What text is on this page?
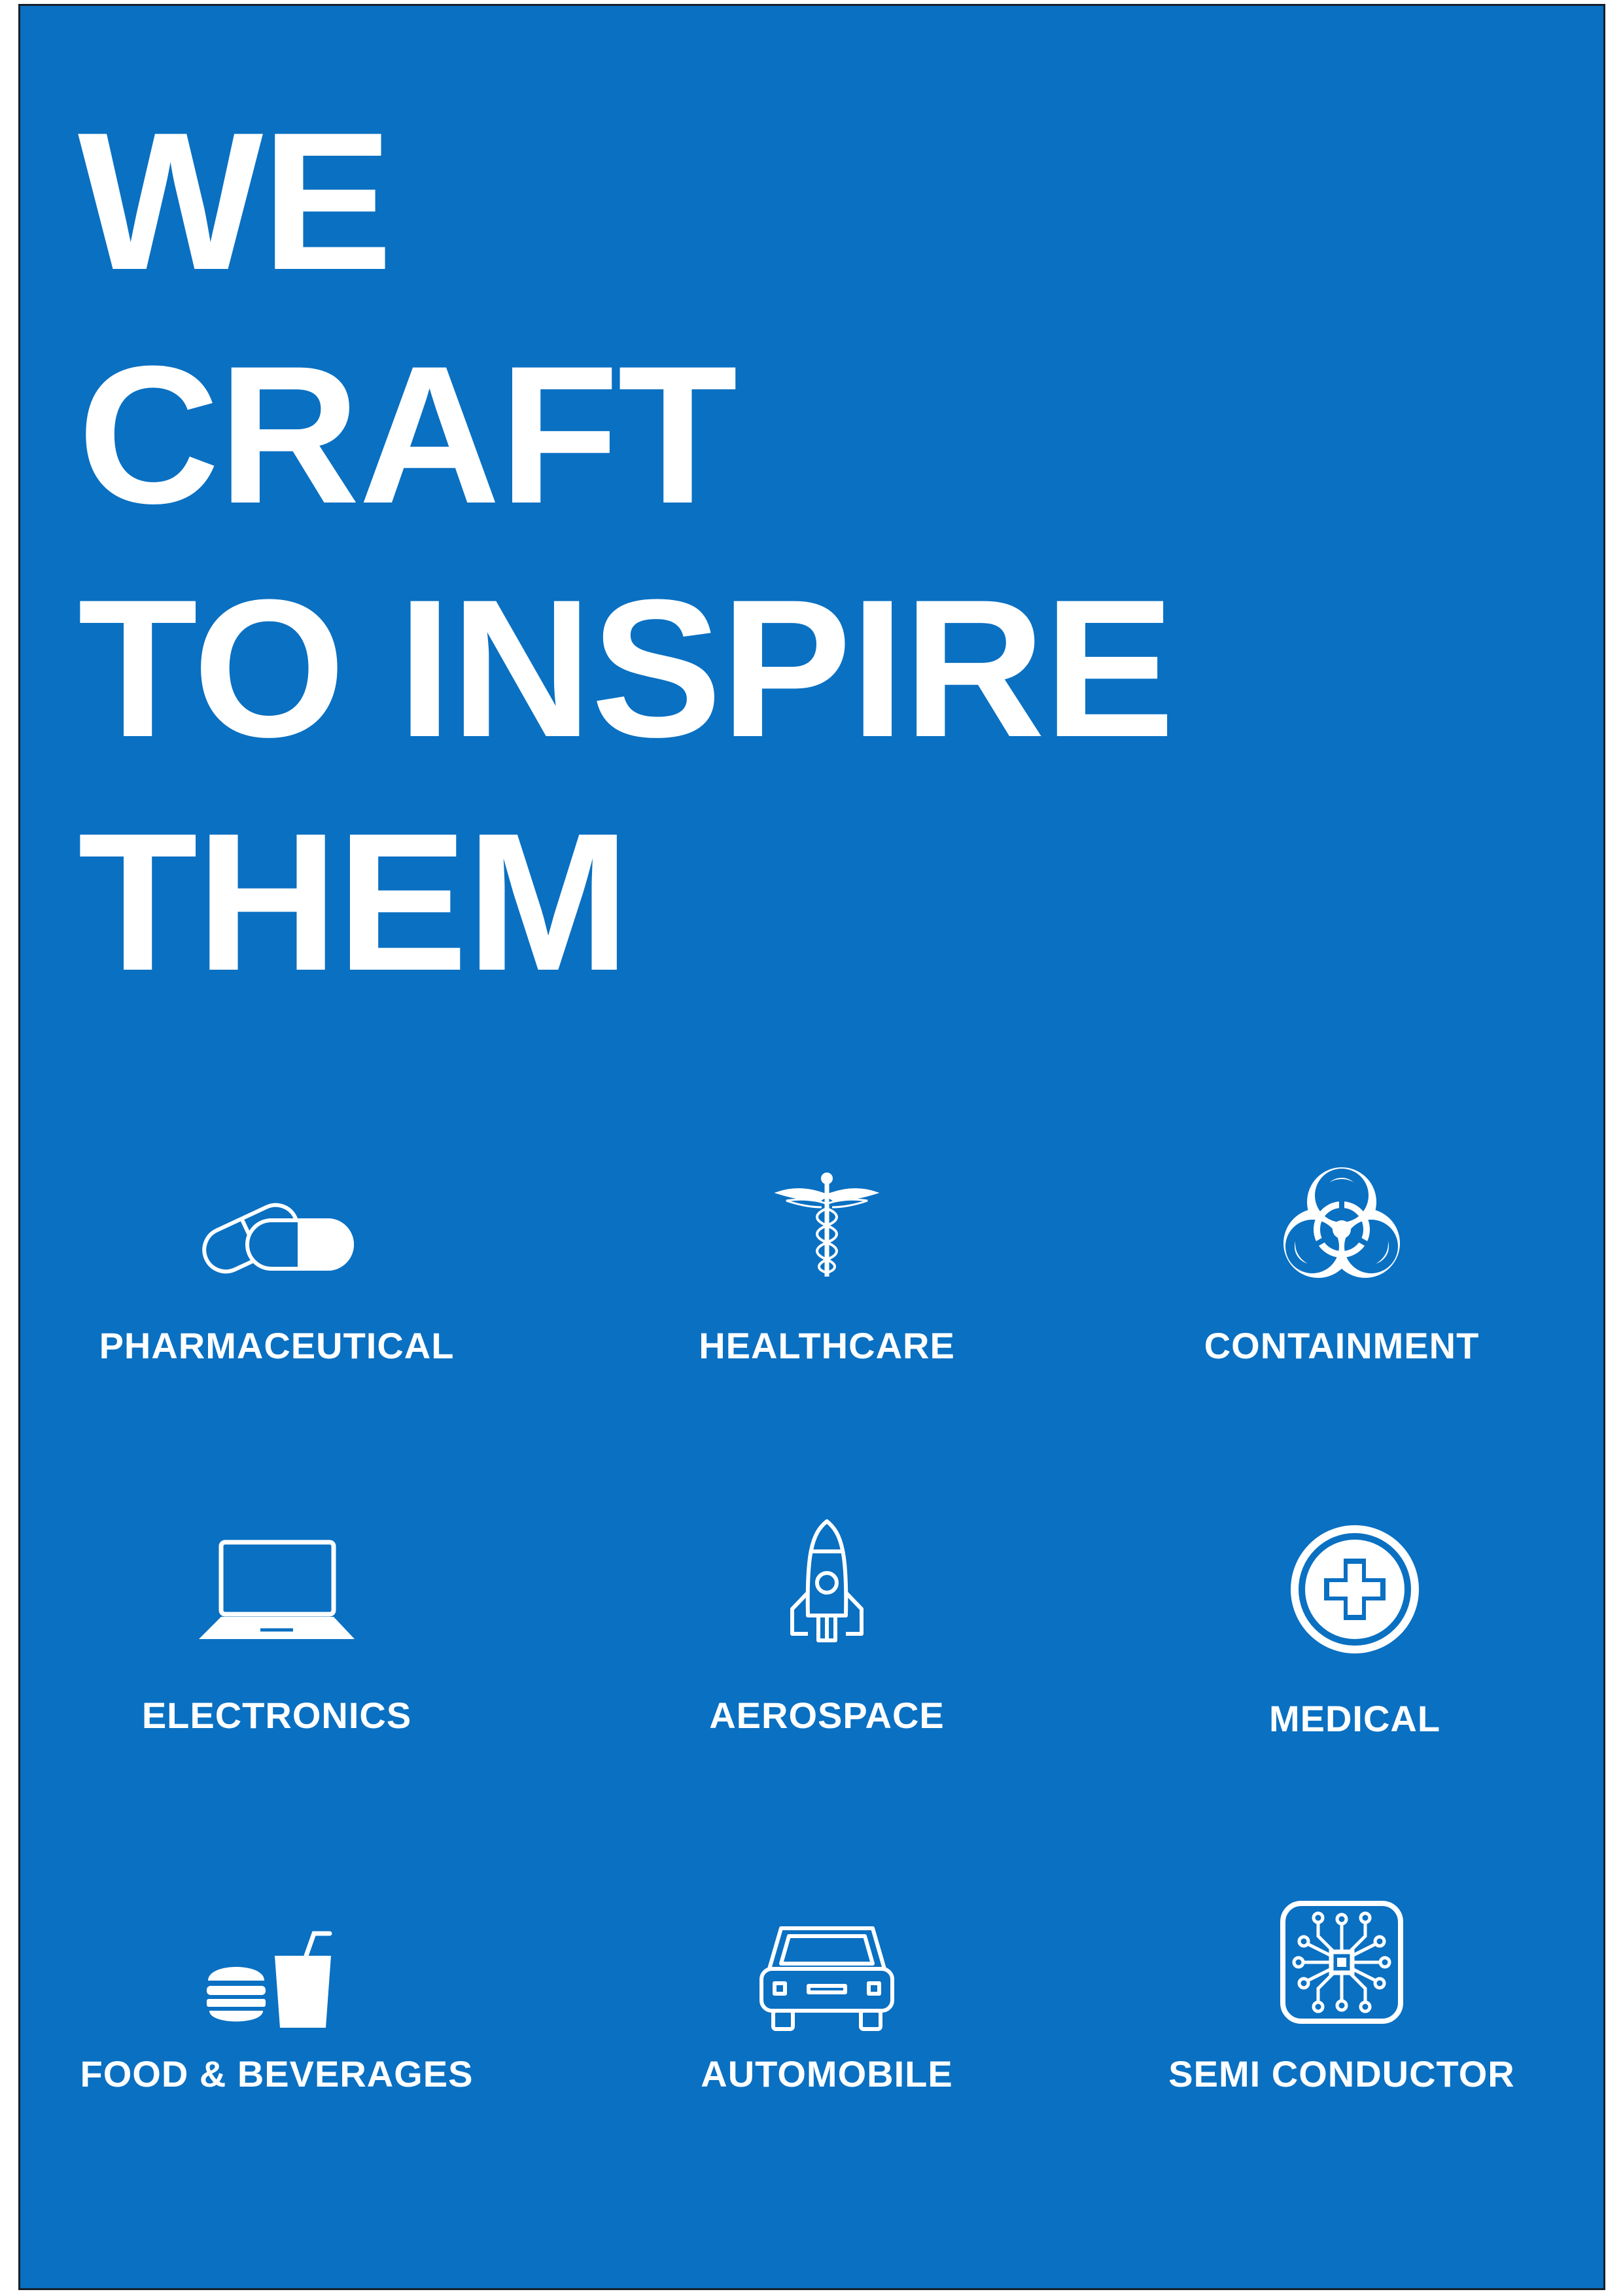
WE
CRAFT
TO INSPIRE
THEM
PHARMACEUTICAL	HEALTHCARE	CONTAINMENT
ELECTRONICS	AEROSPACE	MEDICAL
FOOD & BEVERAGES	AUTOMOBILE	SEMI CONDUCTOR
